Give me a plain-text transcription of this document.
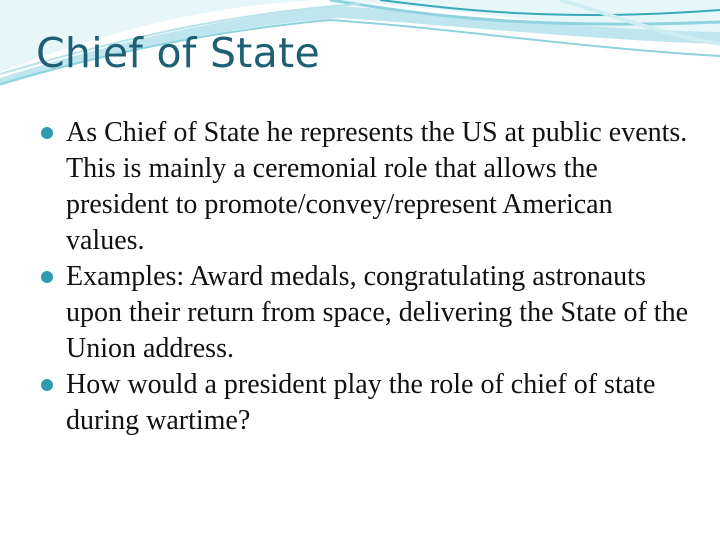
Chief of State
As Chief of State he represents the US at public events. This is mainly a ceremonial role that allows the president to promote/convey/represent American values.
Examples: Award medals, congratulating astronauts upon their return from space, delivering the State of the Union address.
How would a president play the role of chief of state during wartime?
